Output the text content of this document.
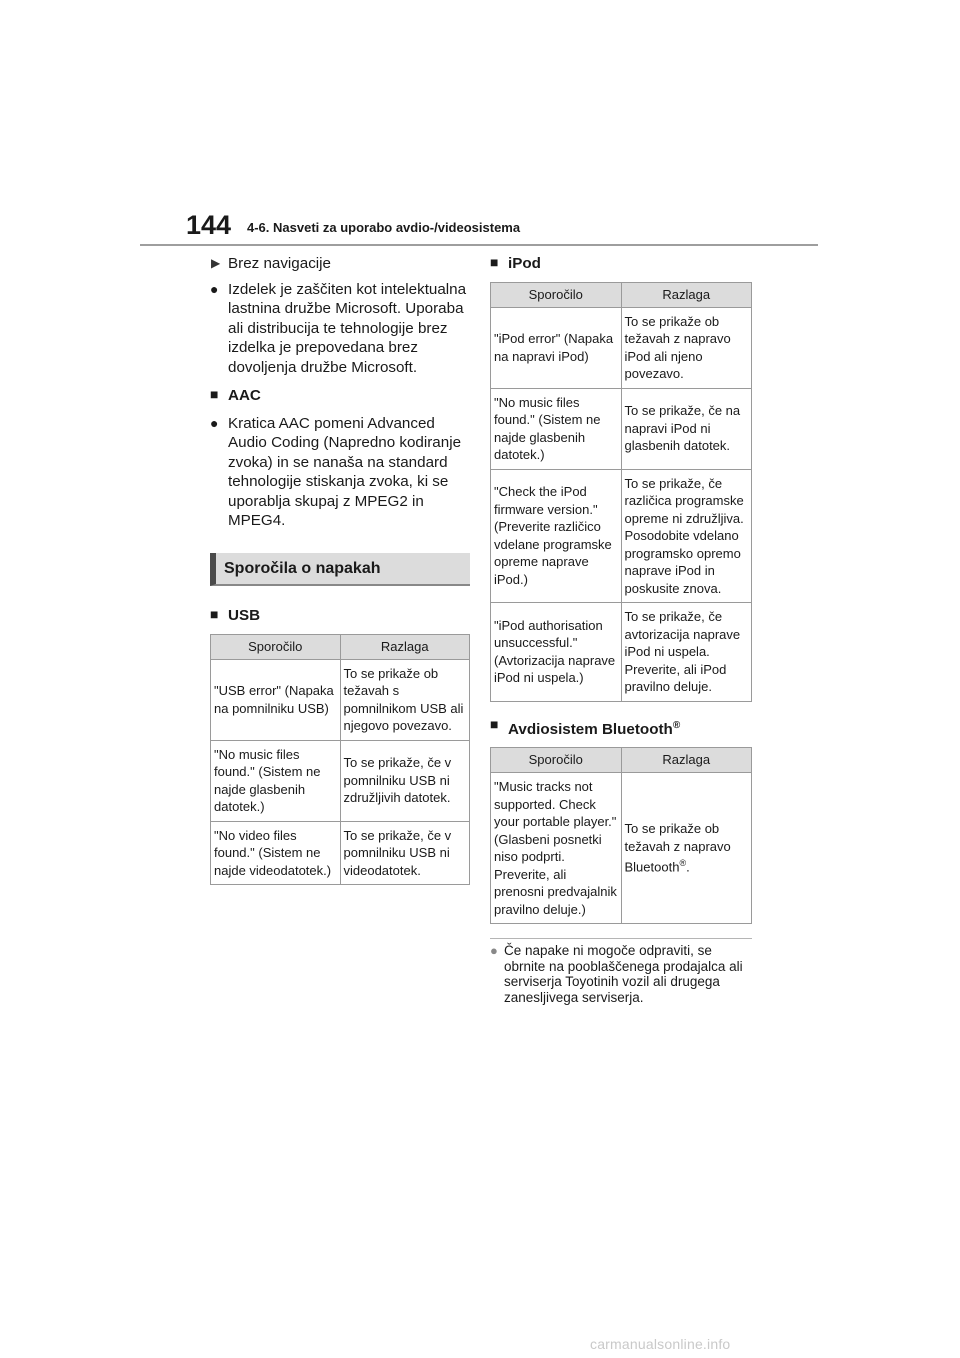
144 4-6. Nasveti za uporabo avdio-/videosistema
▶ Brez navigacije
● Izdelek je zaščiten kot intelektualna lastnina družbe Microsoft. Uporaba ali distribucija te tehnologije brez izdelka je prepovedana brez dovoljenja družbe Microsoft.
■ AAC
● Kratica AAC pomeni Advanced Audio Coding (Napredno kodiranje zvoka) in se nanaša na standard tehnologije stiskanja zvoka, ki se uporablja skupaj z MPEG2 in MPEG4.
Sporočila o napakah
■ USB
Sporočilo	Razlaga
"USB error" (Napaka na pomnilniku USB)	To se prikaže ob težavah s pomnilnikom USB ali njegovo povezavo.
"No music files found." (Sistem ne najde glasbenih datotek.)	To se prikaže, če v pomnilniku USB ni združljivih datotek.
"No video files found." (Sistem ne najde videodatotek.)	To se prikaže, če v pomnilniku USB ni videodatotek.
■ iPod
Sporočilo	Razlaga
"iPod error" (Napaka na napravi iPod)	To se prikaže ob težavah z napravo iPod ali njeno povezavo.
"No music files found." (Sistem ne najde glasbenih datotek.)	To se prikaže, če na napravi iPod ni glasbenih datotek.
"Check the iPod firmware version." (Preverite različico vdelane programske opreme naprave iPod.)	To se prikaže, če različica programske opreme ni združljiva. Posodobite vdelano programsko opremo naprave iPod in poskusite znova.
"iPod authorisation unsuccessful." (Avtorizacija naprave iPod ni uspela.)	To se prikaže, če avtorizacija naprave iPod ni uspela. Preverite, ali iPod pravilno deluje.
■ Avdiosistem Bluetooth®
Sporočilo	Razlaga
"Music tracks not supported. Check your portable player." (Glasbeni posnetki niso podprti. Preverite, ali prenosni predvajalnik pravilno deluje.)	To se prikaže ob težavah z napravo Bluetooth®.
● Če napake ni mogoče odpraviti, se obrnite na pooblaščenega prodajalca ali serviserja Toyotinih vozil ali drugega zanesljivega serviserja.
carmanualsonline.info
